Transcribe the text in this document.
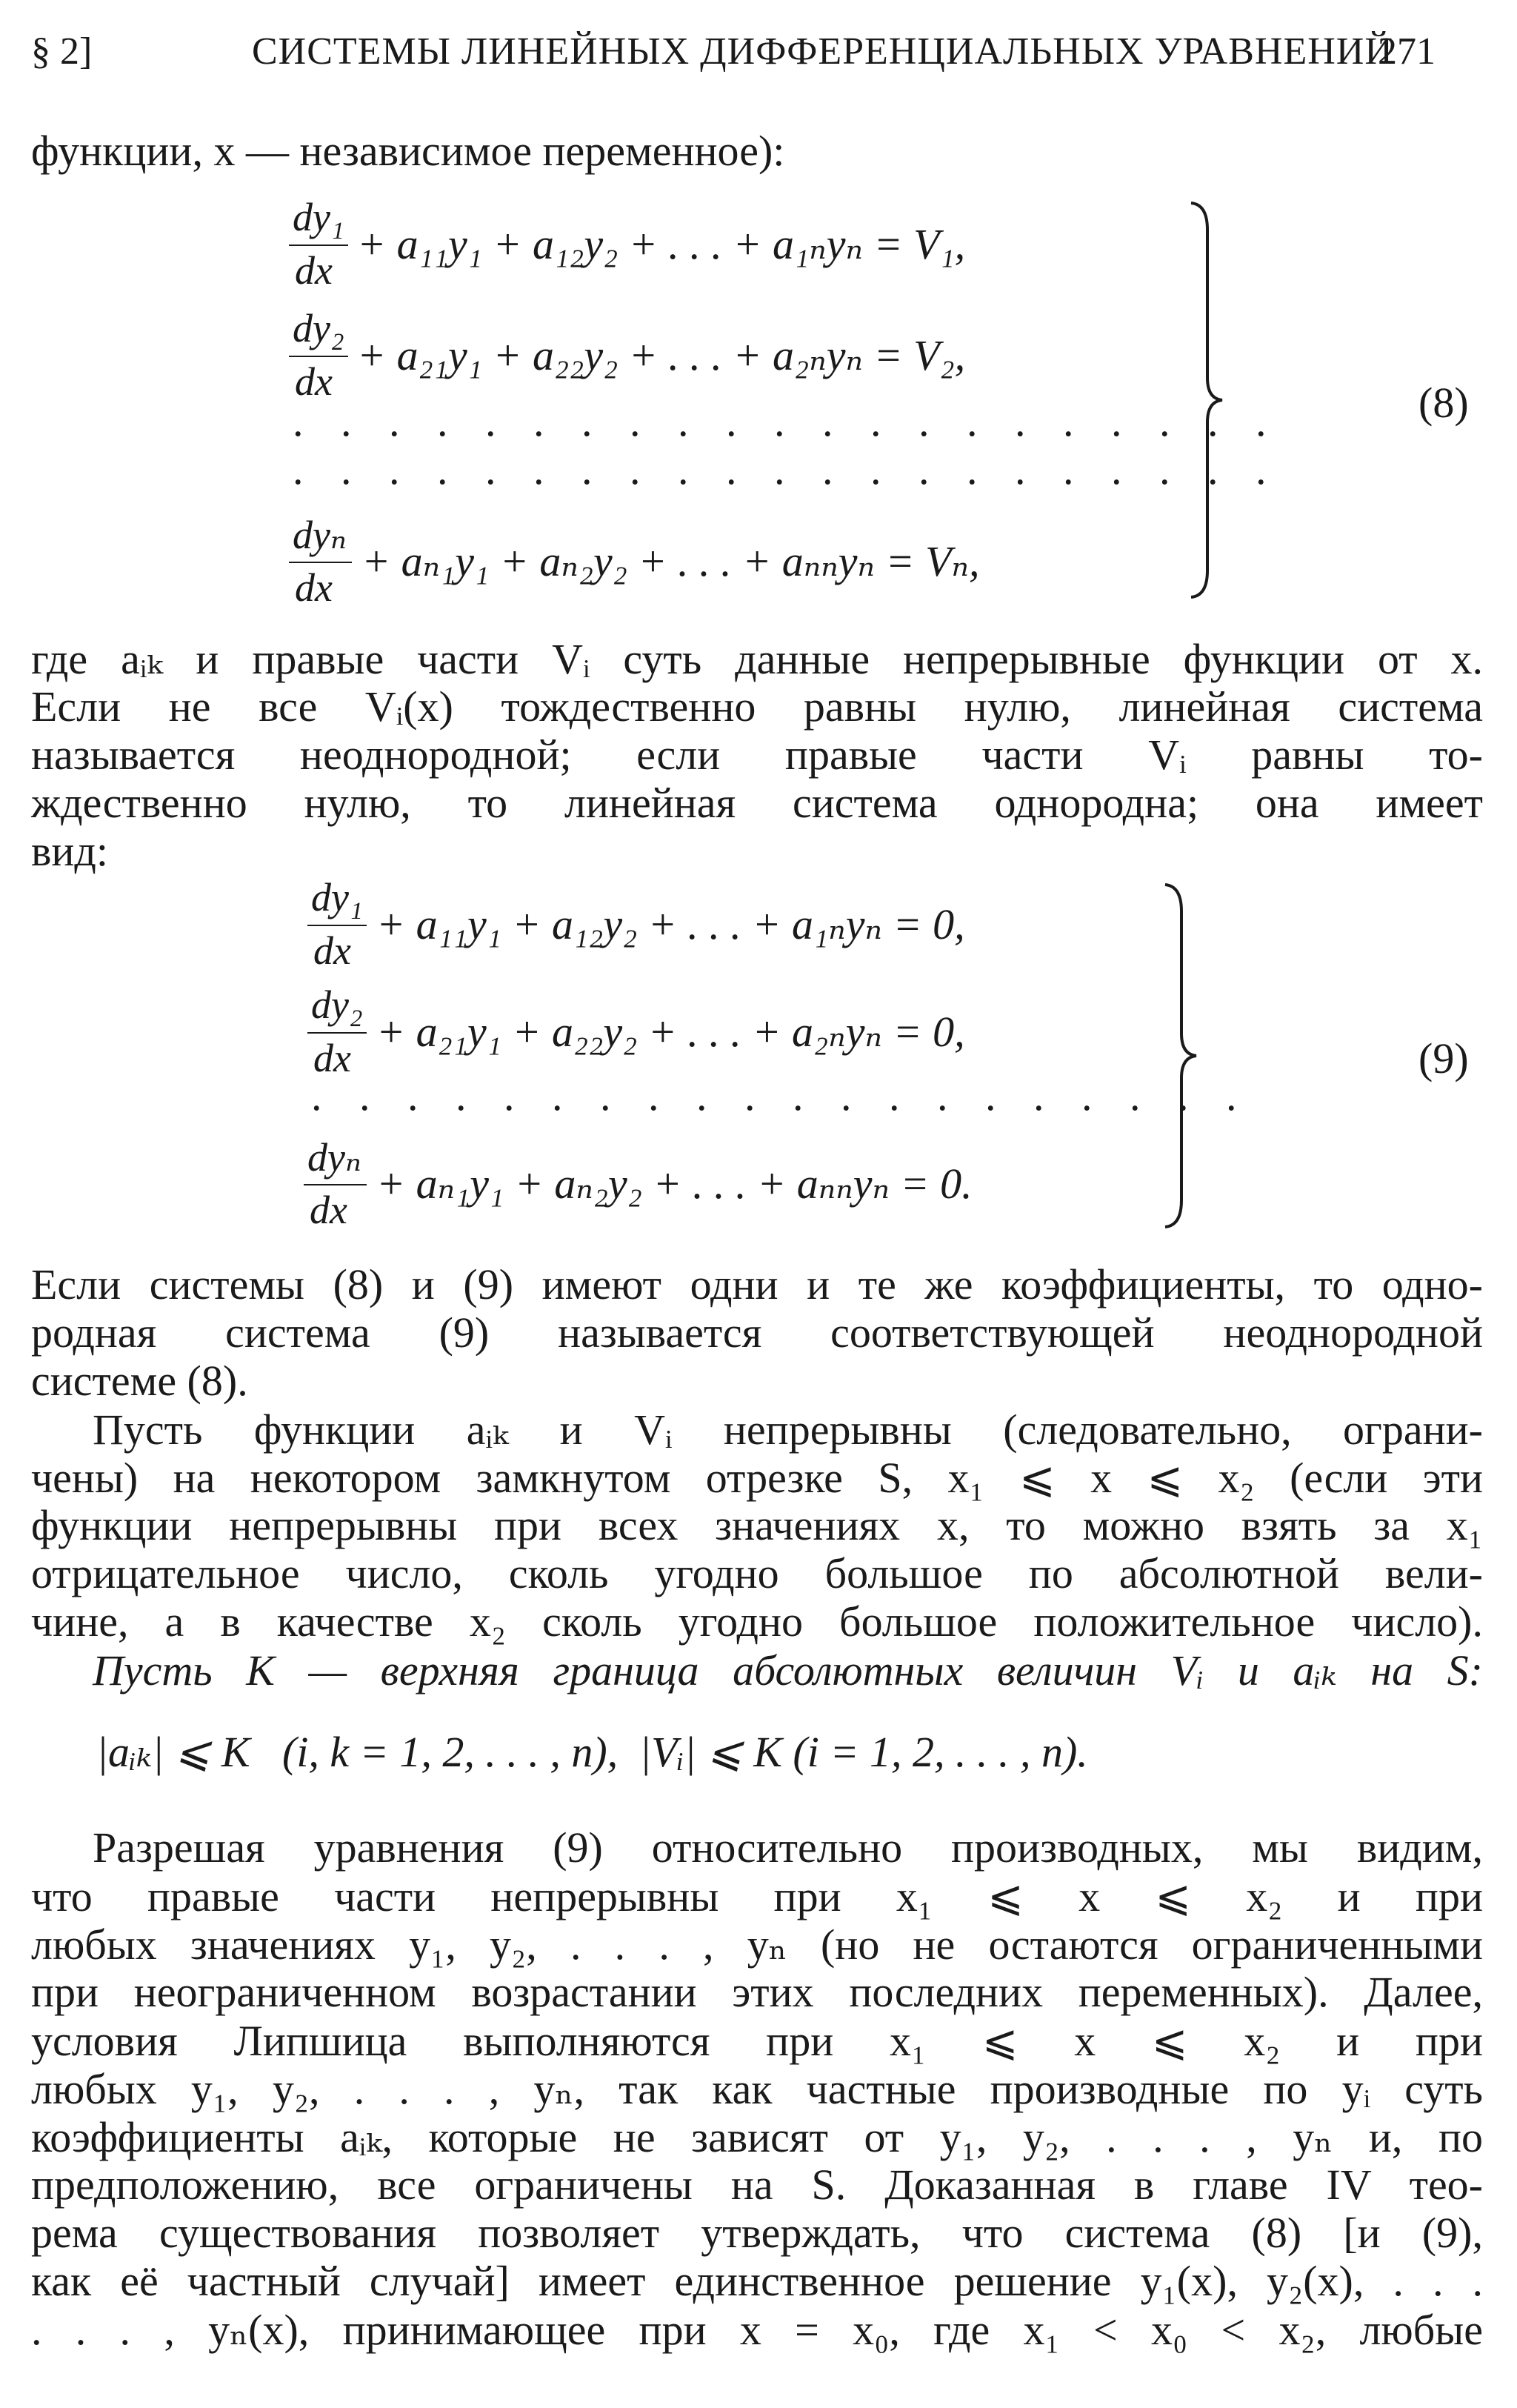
§ 2]	СИСТЕМЫ ЛИНЕЙНЫХ ДИФФЕРЕНЦИАЛЬНЫХ УРАВНЕНИЙ
271
функции, x — независимое переменное):
dy₁
dx
+ a₁₁y₁ + a₁₂y₂ + . . . + a₁ₙyₙ = V₁,
dy₂
dx
+ a₂₁y₁ + a₂₂y₂ + . . . + a₂ₙyₙ = V₂,
. . . . . . . . . . . . . . . . . . . . .
. . . . . . . . . . . . . . . . . . . . .
dyₙ
dx
+ aₙ₁y₁ + aₙ₂y₂ + . . . + aₙₙyₙ = Vₙ,
(8)
где aᵢₖ и правые части Vᵢ суть данные непрерывные функции от x.
Если не все Vᵢ(x) тождественно равны нулю, линейная система
называется неоднородной; если правые части Vᵢ равны то-
ждественно нулю, то линейная система однородна; она имеет
вид:
dy₁
dx
+ a₁₁y₁ + a₁₂y₂ + . . . + a₁ₙyₙ = 0,
dy₂
dx
+ a₂₁y₁ + a₂₂y₂ + . . . + a₂ₙyₙ = 0,
. . . . . . . . . . . . . . . . . . . .
dyₙ
dx
+ aₙ₁y₁ + aₙ₂y₂ + . . . + aₙₙyₙ = 0.
(9)
Если системы (8) и (9) имеют одни и те же коэффициенты, то одно-
родная система (9) называется соответствующей неоднородной
системе (8).
Пусть функции aᵢₖ и Vᵢ непрерывны (следовательно, ограни-
чены) на некотором замкнутом отрезке S, x₁ ⩽ x ⩽ x₂ (если эти
функции непрерывны при всех значениях x, то можно взять за x₁
отрицательное число, сколь угодно большое по абсолютной вели-
чине, а в качестве x₂ сколь угодно большое положительное число).
Пусть K — верхняя граница абсолютных величин Vᵢ и aᵢₖ на S:
|aᵢₖ| ⩽ K   (i, k = 1, 2, . . . , n),  |Vᵢ| ⩽ K (i = 1, 2, . . . , n).
Разрешая уравнения (9) относительно производных, мы видим,
что правые части непрерывны при x₁ ⩽ x ⩽ x₂ и при
любых значениях y₁, y₂, . . . , yₙ (но не остаются ограниченными
при неограниченном возрастании этих последних переменных). Далее,
условия Липшица выполняются при x₁ ⩽ x ⩽ x₂ и при
любых y₁, y₂, . . . , yₙ, так как частные производные по yᵢ суть
коэффициенты aᵢₖ, которые не зависят от y₁, y₂, . . . , yₙ и, по
предположению, все ограничены на S. Доказанная в главе IV тео-
рема существования позволяет утверждать, что система (8) [и (9),
как её частный случай] имеет единственное решение y₁(x), y₂(x), . . .
. . . , yₙ(x), принимающее при x = x₀, где x₁ < x₀ < x₂, любые
